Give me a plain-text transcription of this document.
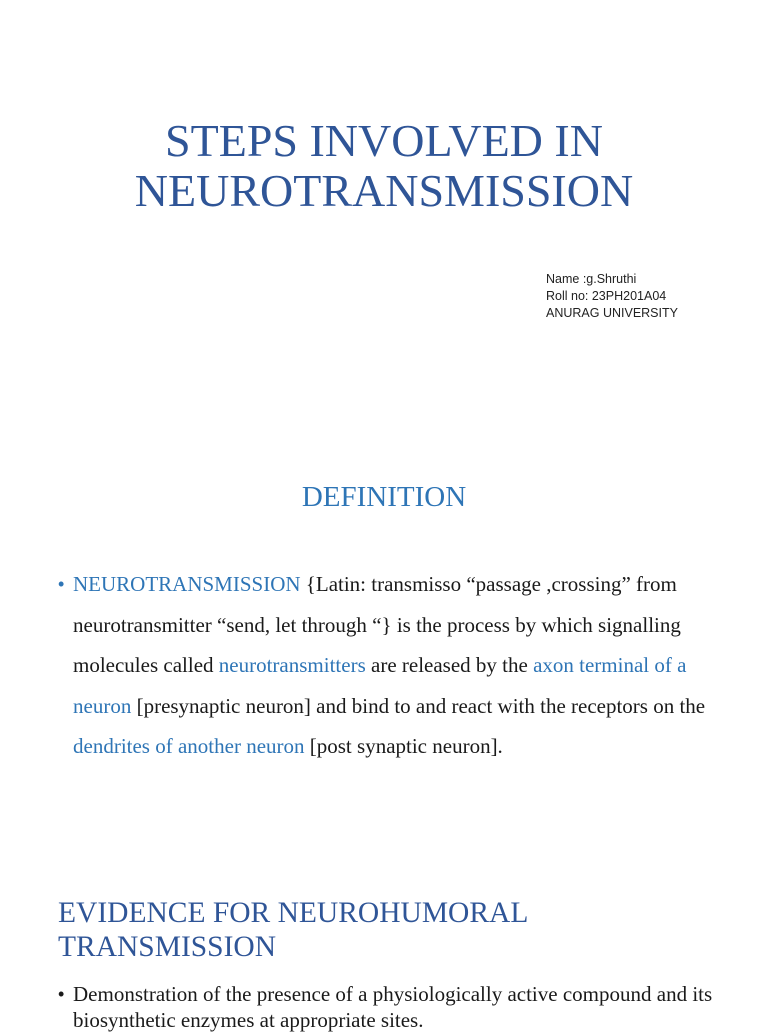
STEPS INVOLVED IN
NEUROTRANSMISSION
Name :g.Shruthi
Roll no: 23PH201A04
ANURAG UNIVERSITY
DEFINITION
• NEUROTRANSMISSION {Latin: transmisso “passage ,crossing” from neurotransmitter “send, let through “} is the process by which signalling molecules called neurotransmitters are released by the axon terminal of a neuron [presynaptic neuron] and bind to and react with the receptors on the dendrites of another neuron [post synaptic neuron].
EVIDENCE FOR NEUROHUMORAL
TRANSMISSION
• Demonstration of the presence of a physiologically active compound and its biosynthetic enzymes at appropriate sites.
